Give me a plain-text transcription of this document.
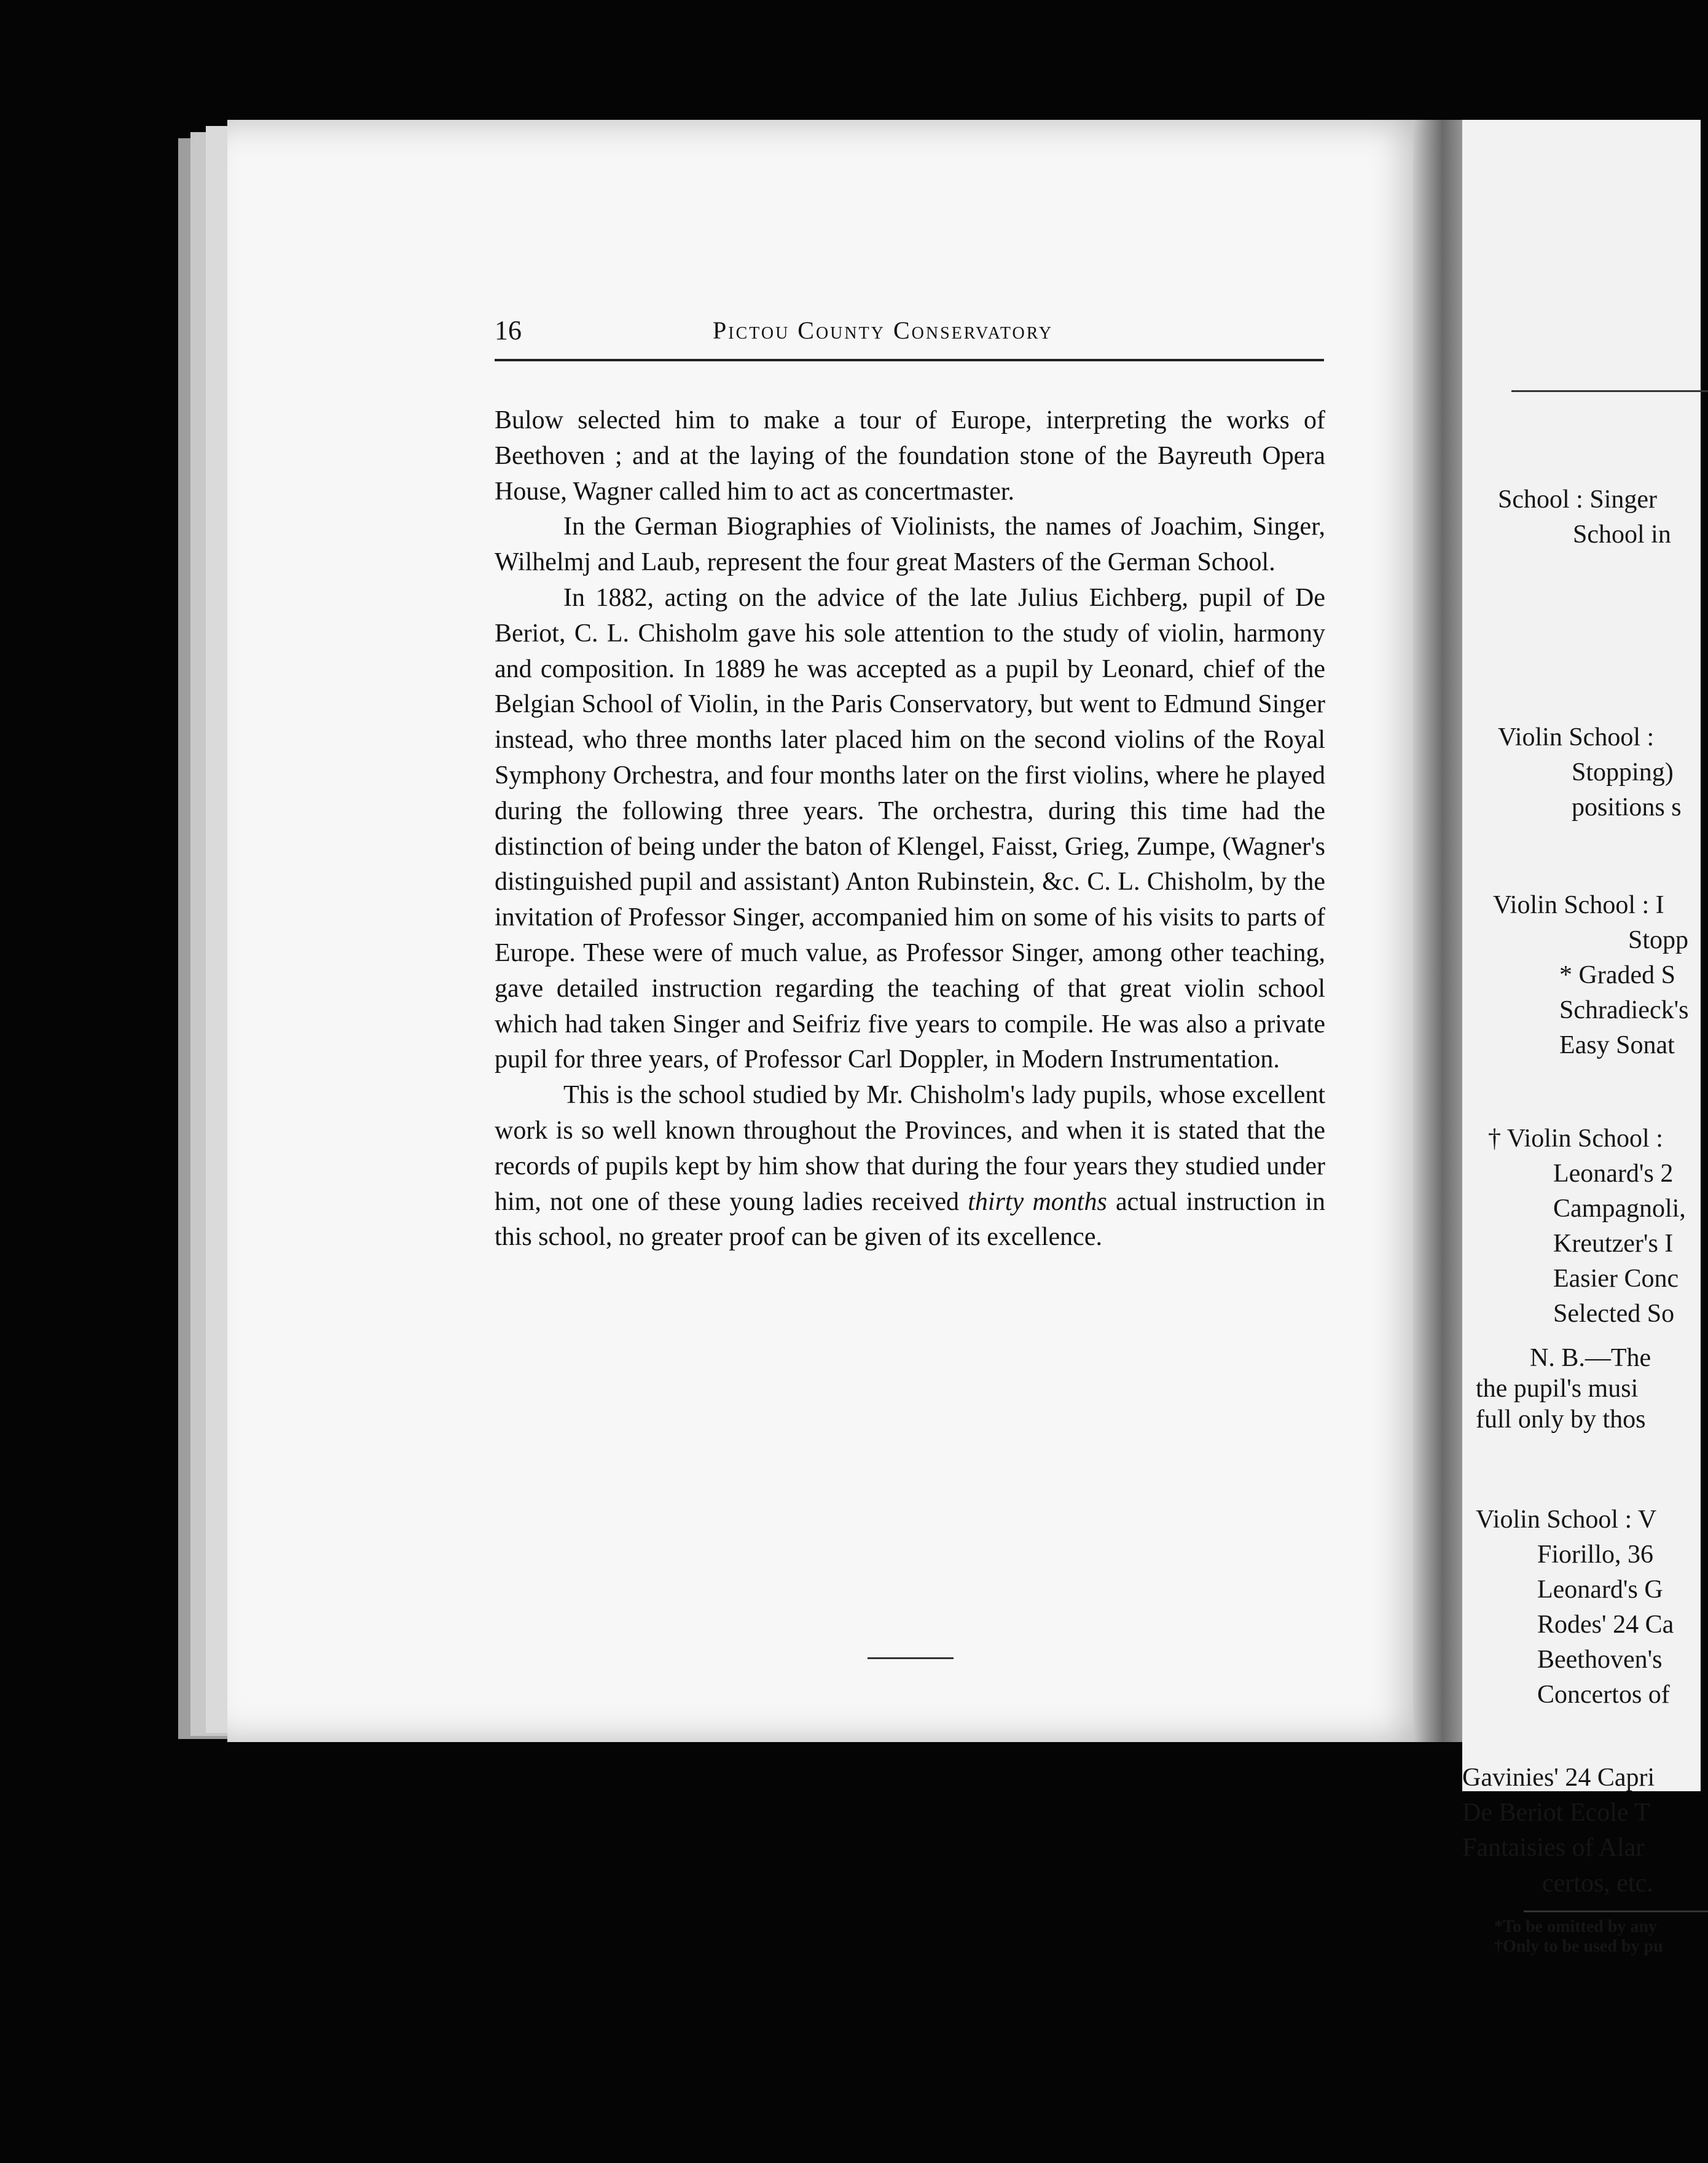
16	Pictou County Conservatory

Bulow selected him to make a tour of Europe, interpreting the works of Beethoven ; and at the laying of the foundation stone of the Bayreuth Opera House, Wagner called him to act as concertmaster.

In the German Biographies of Violinists, the names of Joachim, Singer, Wilhelmj and Laub, represent the four great Masters of the German School.

In 1882, acting on the advice of the late Julius Eichberg, pupil of De Beriot, C. L. Chisholm gave his sole attention to the study of violin, harmony and composition. In 1889 he was accepted as a pupil by Leonard, chief of the Belgian School of Violin, in the Paris Conservatory, but went to Edmund Singer instead, who three months later placed him on the second violins of the Royal Symphony Orchestra, and four months later on the first violins, where he played during the following three years. The orchestra, during this time had the distinction of being under the baton of Klengel, Faisst, Grieg, Zumpe, (Wagner's distinguished pupil and assistant) Anton Rubinstein, &c. C. L. Chisholm, by the invitation of Professor Singer, accompanied him on some of his visits to parts of Europe. These were of much value, as Professor Singer, among other teaching, gave detailed instruction regarding the teaching of that great violin school which had taken Singer and Seifriz five years to compile. He was also a private pupil for three years, of Professor Carl Doppler, in Modern Instrumentation.

This is the school studied by Mr. Chisholm's lady pupils, whose excellent work is so well known throughout the Provinces, and when it is stated that the records of pupils kept by him show that during the four years they studied under him, not one of these young ladies received thirty months actual instruction in this school, no greater proof can be given of its excellence.

School : Singer
School in
Violin School :
Stopping)
positions s
Violin School : I
Stopp
* Graded S
Schradieck's
Easy Sonat
† Violin School :
Leonard's 2
Campagnoli,
Kreutzer's I
Easier Conc
Selected So
N. B.—The
the pupil's musi
full only by thos
Violin School : V
Fiorillo, 36
Leonard's G
Rodes' 24 Ca
Beethoven's
Concertos of
Gavinies' 24 Capri
De Beriot Ecole T
Fantaisies of Alar
certos, etc.
*To be omitted by any
†Only to be used by pu
